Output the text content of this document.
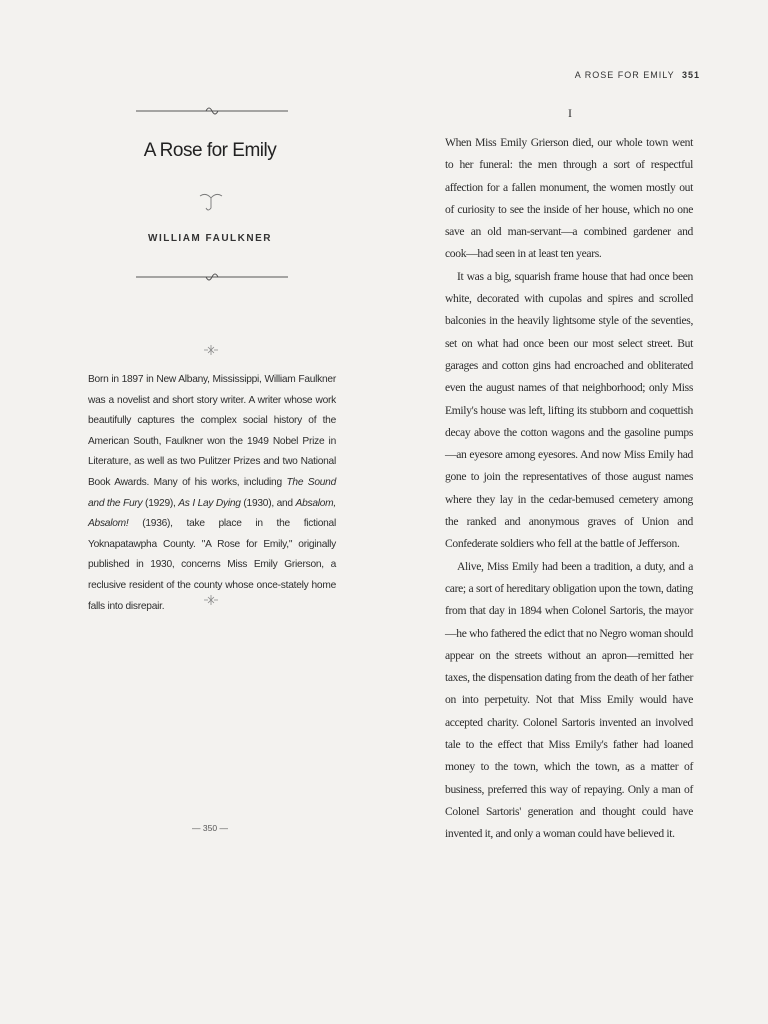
A ROSE FOR EMILY 351
A Rose for Emily
WILLIAM FAULKNER
Born in 1897 in New Albany, Mississippi, William Faulkner was a novelist and short story writer. A writer whose work beautifully captures the complex social history of the American South, Faulkner won the 1949 Nobel Prize in Literature, as well as two Pulitzer Prizes and two National Book Awards. Many of his works, including The Sound and the Fury (1929), As I Lay Dying (1930), and Absalom, Absalom! (1936), take place in the fictional Yoknapatawpha County. "A Rose for Emily," originally published in 1930, concerns Miss Emily Grierson, a reclusive resident of the county whose once-stately home falls into disrepair.
I

When Miss Emily Grierson died, our whole town went to her funeral: the men through a sort of respectful affection for a fallen monument, the women mostly out of curiosity to see the inside of her house, which no one save an old man-servant—a combined gardener and cook—had seen in at least ten years.

It was a big, squarish frame house that had once been white, decorated with cupolas and spires and scrolled balconies in the heavily lightsome style of the seventies, set on what had once been our most select street. But garages and cotton gins had encroached and obliterated even the august names of that neighborhood; only Miss Emily's house was left, lifting its stubborn and coquettish decay above the cotton wagons and the gasoline pumps—an eyesore among eyesores. And now Miss Emily had gone to join the representatives of those august names where they lay in the cedar-bemused cemetery among the ranked and anonymous graves of Union and Confederate soldiers who fell at the battle of Jefferson.

Alive, Miss Emily had been a tradition, a duty, and a care; a sort of hereditary obligation upon the town, dating from that day in 1894 when Colonel Sartoris, the mayor—he who fathered the edict that no Negro woman should appear on the streets without an apron—remitted her taxes, the dispensation dating from the death of her father on into perpetuity. Not that Miss Emily would have accepted charity. Colonel Sartoris invented an involved tale to the effect that Miss Emily's father had loaned money to the town, which the town, as a matter of business, preferred this way of repaying. Only a man of Colonel Sartoris' generation and thought could have invented it, and only a woman could have believed it.

— 350 —
